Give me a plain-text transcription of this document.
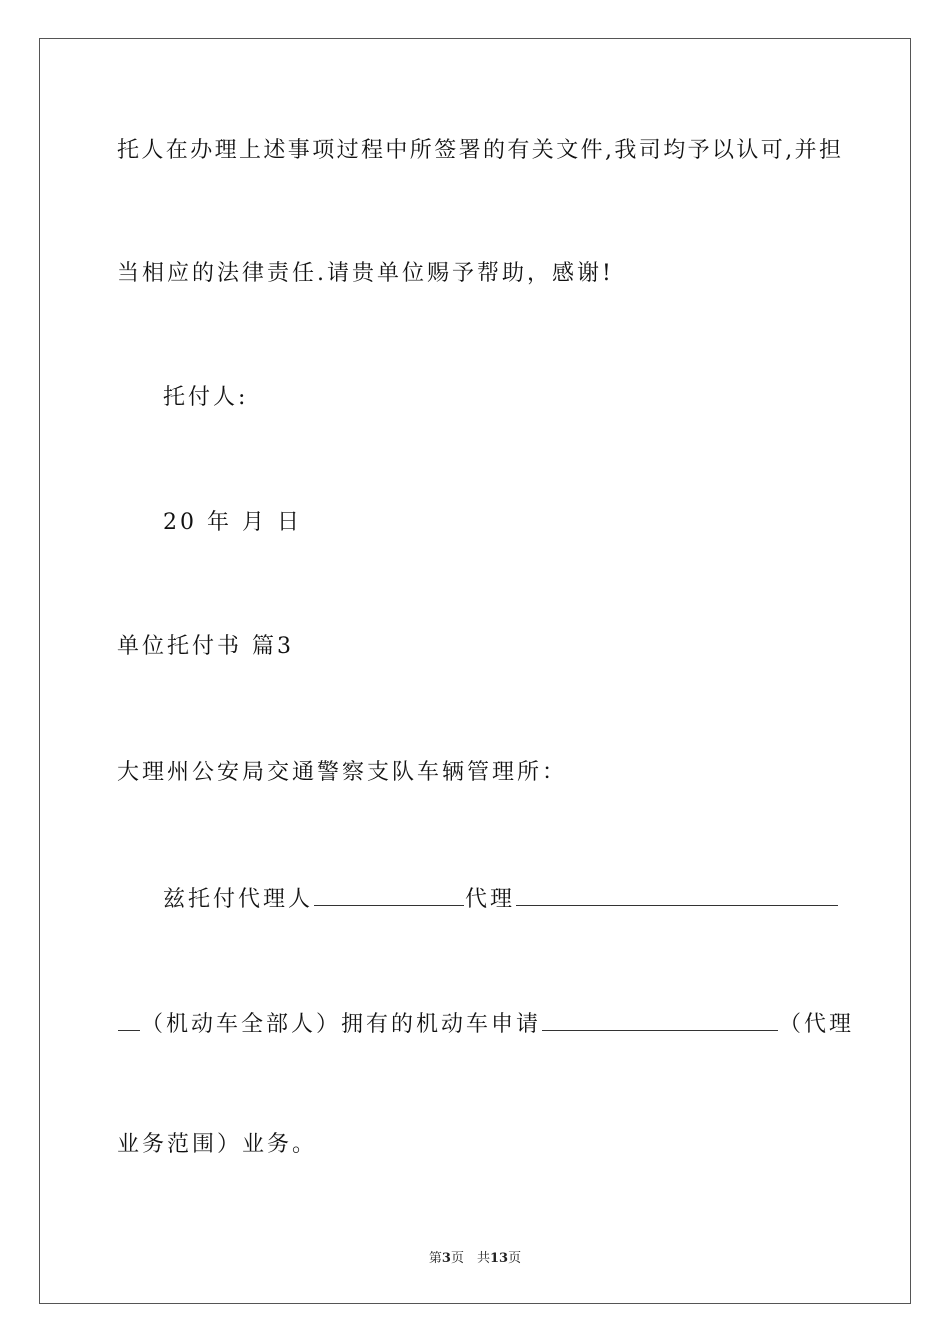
托人在办理上述事项过程中所签署的有关文件,我司均予以认可,并担
当相应的法律责任.请贵单位赐予帮助，感谢!
托付人:
20 年 月 日
单位托付书 篇3
大理州公安局交通警察支队车辆管理所：
兹托付代理人	代理
（机动车全部人）拥有的机动车申请	（代理
业务范围）业务。
第3页　共13页
